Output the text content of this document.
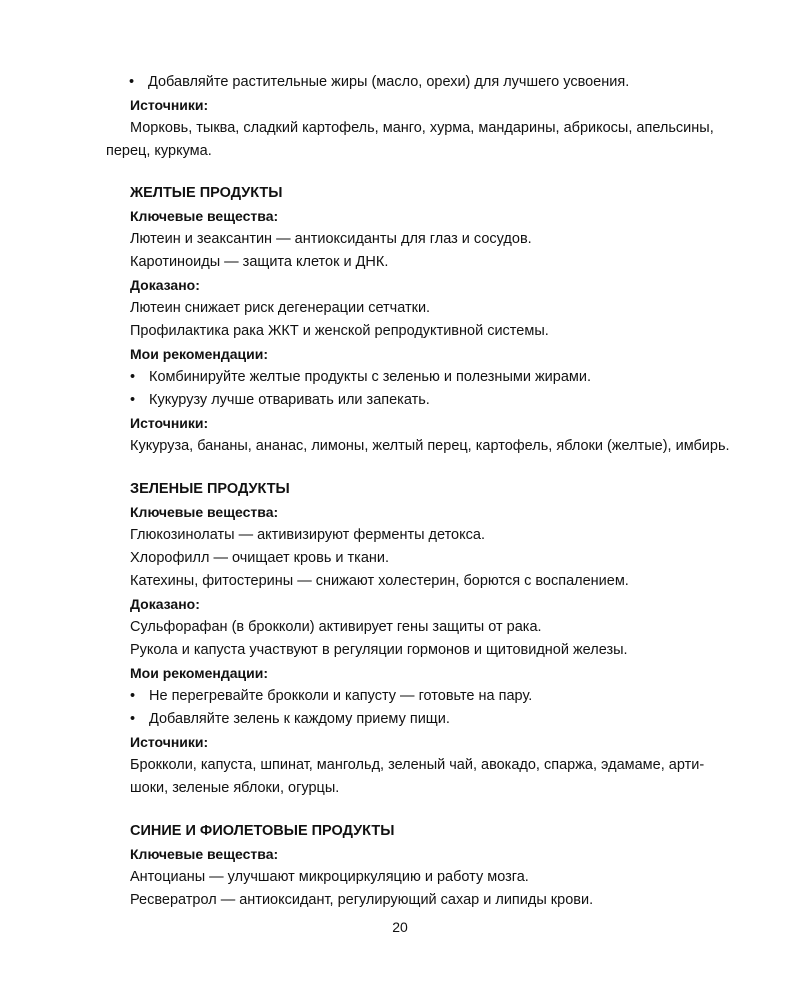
• Добавляйте растительные жиры (масло, орехи) для лучшего усвоения.

Источники:

Морковь, тыква, сладкий картофель, манго, хурма, мандарины, абрикосы, апельсины, перец, куркума.

ЖЕЛТЫЕ ПРОДУКТЫ

Ключевые вещества:

Лютеин и зеаксантин — антиоксиданты для глаз и сосудов.

Каротиноиды — защита клеток и ДНК.

Доказано:

Лютеин снижает риск дегенерации сетчатки.

Профилактика рака ЖКТ и женской репродуктивной системы.

Мои рекомендации:

• Комбинируйте желтые продукты с зеленью и полезными жирами.

• Кукурузу лучше отваривать или запекать.

Источники:

Кукуруза, бананы, ананас, лимоны, желтый перец, картофель, яблоки (желтые), имбирь.

ЗЕЛЕНЫЕ ПРОДУКТЫ

Ключевые вещества:

Глюкозинолаты — активизируют ферменты детокса.

Хлорофилл — очищает кровь и ткани.

Катехины, фитостерины — снижают холестерин, борются с воспалением.

Доказано:

Сульфорафан (в брокколи) активирует гены защиты от рака.

Рукола и капуста участвуют в регуляции гормонов и щитовидной железы.

Мои рекомендации:

• Не перегревайте брокколи и капусту — готовьте на пару.

• Добавляйте зелень к каждому приему пищи.

Источники:

Брокколи, капуста, шпинат, мангольд, зеленый чай, авокадо, спаржа, эдамаме, арти-

шоки, зеленые яблоки, огурцы.

СИНИЕ И ФИОЛЕТОВЫЕ ПРОДУКТЫ

Ключевые вещества:

Антоцианы — улучшают микроциркуляцию и работу мозга.

Ресвератрол — антиоксидант, регулирующий сахар и липиды крови.

20
